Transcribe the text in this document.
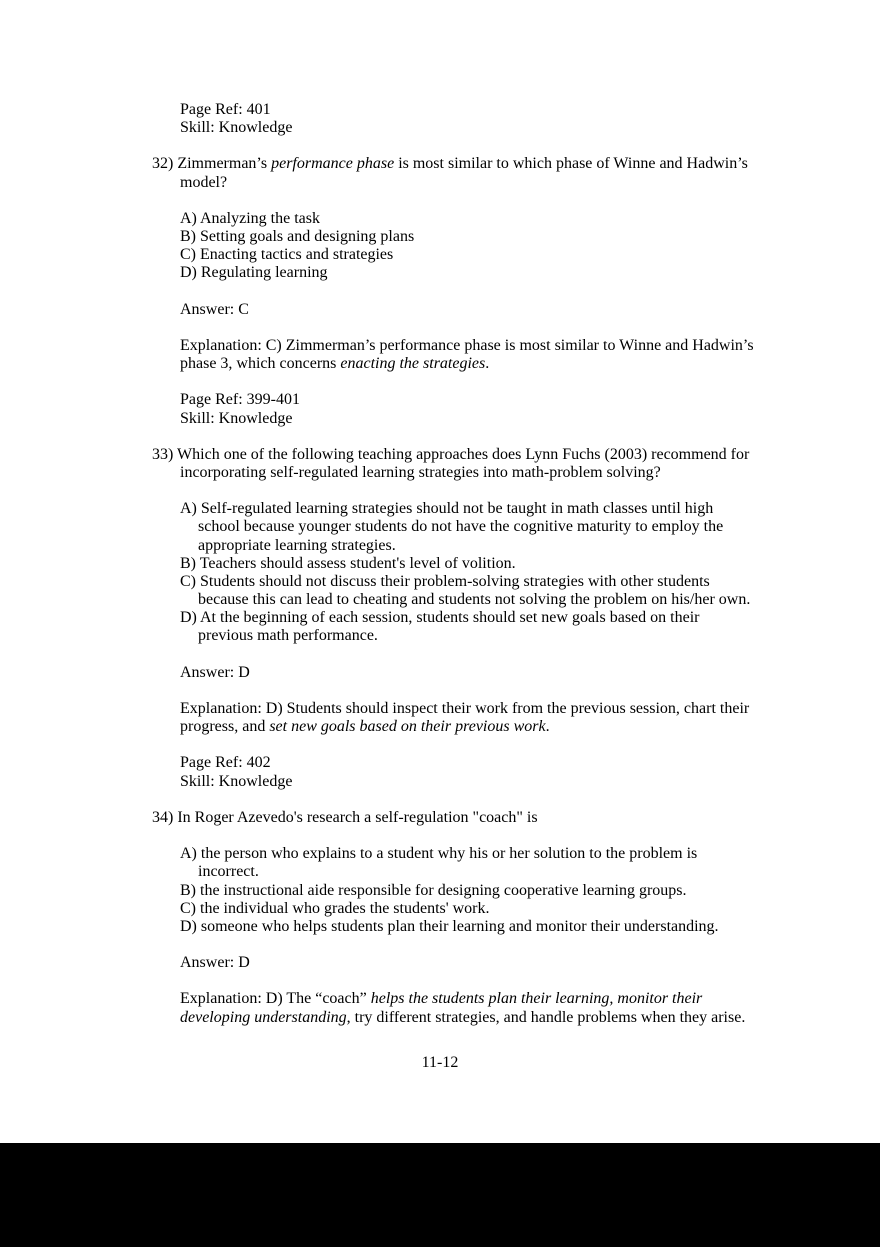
Page Ref: 401
Skill: Knowledge
32) Zimmerman’s performance phase is most similar to which phase of Winne and Hadwin’s
model?
A) Analyzing the task
B) Setting goals and designing plans
C) Enacting tactics and strategies
D) Regulating learning
Answer: C
Explanation: C) Zimmerman’s performance phase is most similar to Winne and Hadwin’s
phase 3, which concerns enacting the strategies.
Page Ref: 399-401
Skill: Knowledge
33) Which one of the following teaching approaches does Lynn Fuchs (2003) recommend for
incorporating self-regulated learning strategies into math-problem solving?
A) Self-regulated learning strategies should not be taught in math classes until high
school because younger students do not have the cognitive maturity to employ the
appropriate learning strategies.
B) Teachers should assess student's level of volition.
C) Students should not discuss their problem-solving strategies with other students
because this can lead to cheating and students not solving the problem on his/her own.
D) At the beginning of each session, students should set new goals based on their
previous math performance.
Answer: D
Explanation: D) Students should inspect their work from the previous session, chart their
progress, and set new goals based on their previous work.
Page Ref: 402
Skill: Knowledge
34) In Roger Azevedo's research a self-regulation "coach" is
A) the person who explains to a student why his or her solution to the problem is
incorrect.
B) the instructional aide responsible for designing cooperative learning groups.
C) the individual who grades the students' work.
D) someone who helps students plan their learning and monitor their understanding.
Answer: D
Explanation: D) The “coach” helps the students plan their learning, monitor their
developing understanding, try different strategies, and handle problems when they arise.
11-12
